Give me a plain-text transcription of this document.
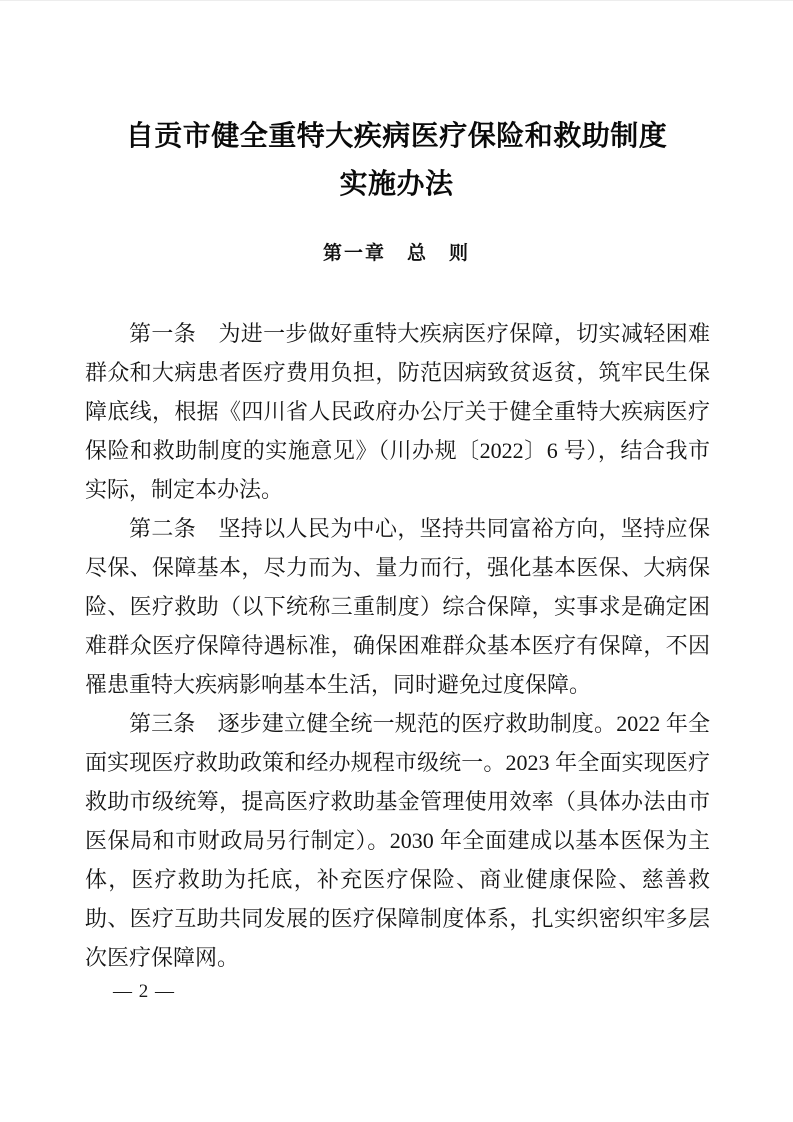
自贡市健全重特大疾病医疗保险和救助制度
实施办法
第一章　总　则

第一条　为进一步做好重特大疾病医疗保障，切实减轻困难群众和大病患者医疗费用负担，防范因病致贫返贫，筑牢民生保障底线，根据《四川省人民政府办公厅关于健全重特大疾病医疗保险和救助制度的实施意见》（川办规〔2022〕6 号），结合我市实际，制定本办法。

第二条　坚持以人民为中心，坚持共同富裕方向，坚持应保尽保、保障基本，尽力而为、量力而行，强化基本医保、大病保险、医疗救助（以下统称三重制度）综合保障，实事求是确定困难群众医疗保障待遇标准，确保困难群众基本医疗有保障，不因罹患重特大疾病影响基本生活，同时避免过度保障。

第三条　逐步建立健全统一规范的医疗救助制度。2022 年全面实现医疗救助政策和经办规程市级统一。2023 年全面实现医疗救助市级统筹，提高医疗救助基金管理使用效率（具体办法由市医保局和市财政局另行制定）。2030 年全面建成以基本医保为主体，医疗救助为托底，补充医疗保险、商业健康保险、慈善救助、医疗互助共同发展的医疗保障制度体系，扎实织密织牢多层次医疗保障网。

— 2 —
